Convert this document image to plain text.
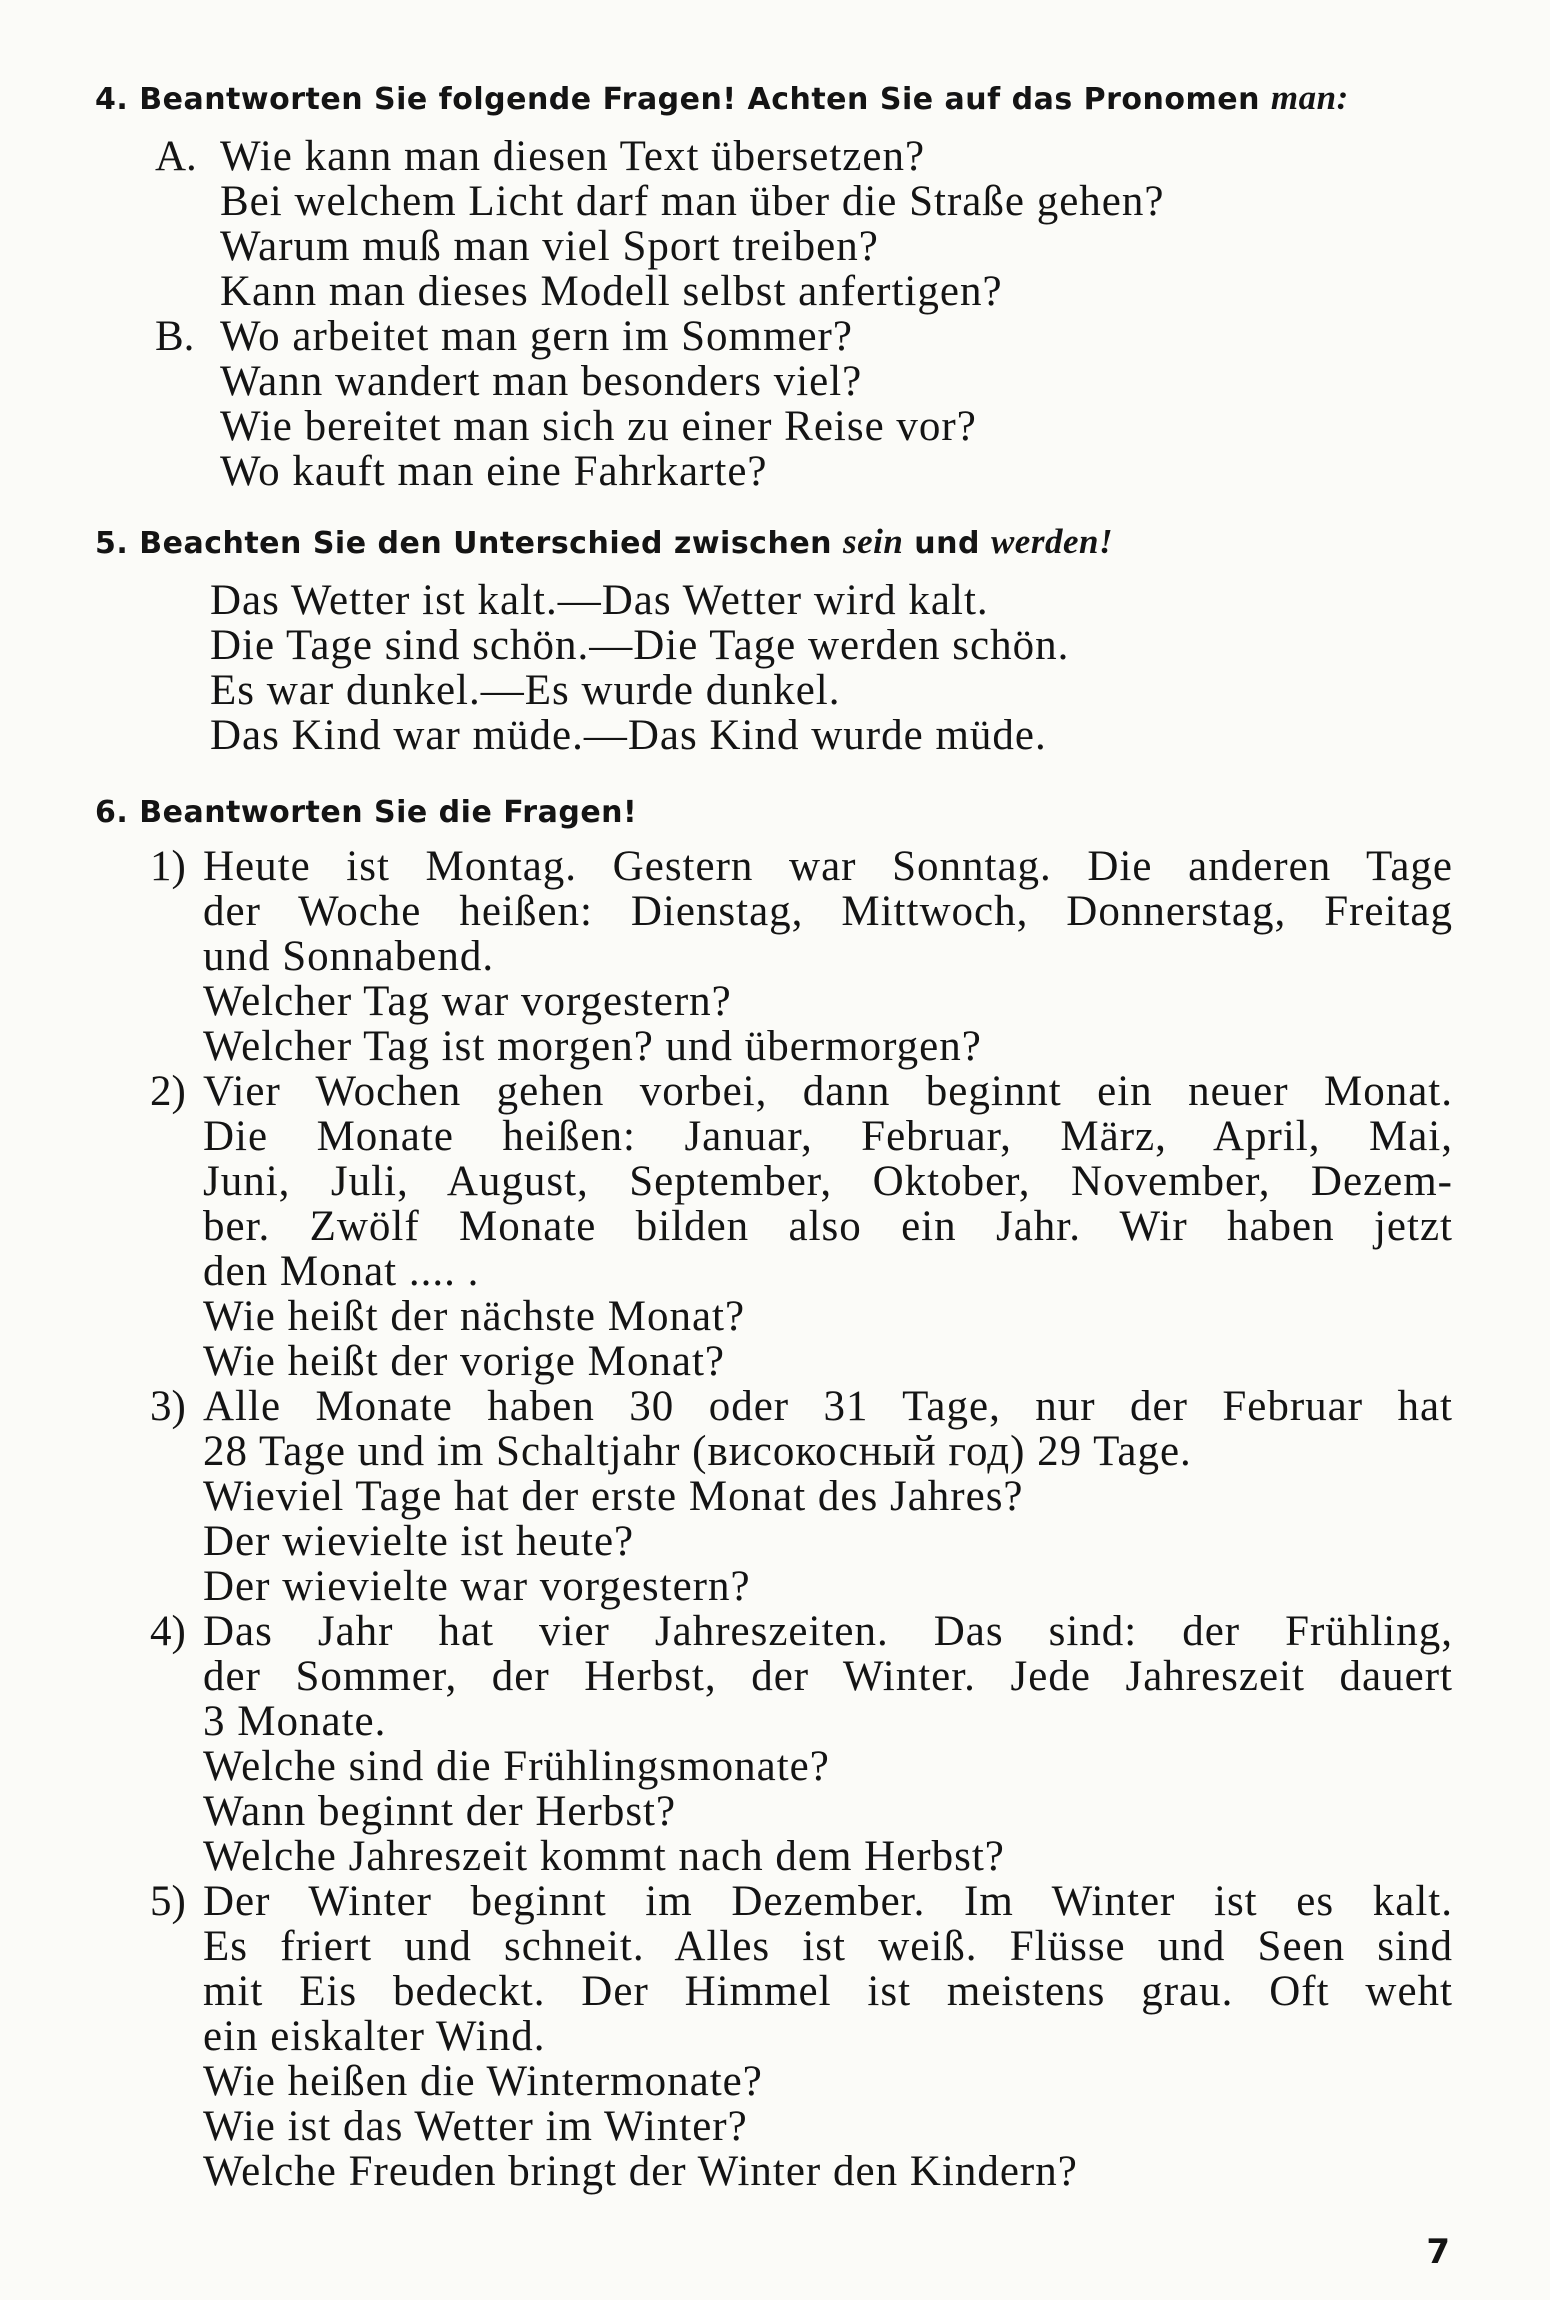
4. Beantworten Sie folgende Fragen! Achten Sie auf das Pronomen man:
A. Wie kann man diesen Text übersetzen?
Bei welchem Licht darf man über die Straße gehen?
Warum muß man viel Sport treiben?
Kann man dieses Modell selbst anfertigen?
B. Wo arbeitet man gern im Sommer?
Wann wandert man besonders viel?
Wie bereitet man sich zu einer Reise vor?
Wo kauft man eine Fahrkarte?
5. Beachten Sie den Unterschied zwischen sein und werden!
Das Wetter ist kalt.—Das Wetter wird kalt.
Die Tage sind schön.—Die Tage werden schön.
Es war dunkel.—Es wurde dunkel.
Das Kind war müde.—Das Kind wurde müde.
6. Beantworten Sie die Fragen!
1) Heute ist Montag. Gestern war Sonntag. Die anderen Tage
der Woche heißen: Dienstag, Mittwoch, Donnerstag, Freitag
und Sonnabend.
Welcher Tag war vorgestern?
Welcher Tag ist morgen? und übermorgen?
2) Vier Wochen gehen vorbei, dann beginnt ein neuer Monat.
Die Monate heißen: Januar, Februar, März, April, Mai,
Juni, Juli, August, September, Oktober, November, Dezem-
ber. Zwölf Monate bilden also ein Jahr. Wir haben jetzt
den Monat .... .
Wie heißt der nächste Monat?
Wie heißt der vorige Monat?
3) Alle Monate haben 30 oder 31 Tage, nur der Februar hat
28 Tage und im Schaltjahr (високосный год) 29 Tage.
Wieviel Tage hat der erste Monat des Jahres?
Der wievielte ist heute?
Der wievielte war vorgestern?
4) Das Jahr hat vier Jahreszeiten. Das sind: der Frühling,
der Sommer, der Herbst, der Winter. Jede Jahreszeit dauert
3 Monate.
Welche sind die Frühlingsmonate?
Wann beginnt der Herbst?
Welche Jahreszeit kommt nach dem Herbst?
5) Der Winter beginnt im Dezember. Im Winter ist es kalt.
Es friert und schneit. Alles ist weiß. Flüsse und Seen sind
mit Eis bedeckt. Der Himmel ist meistens grau. Oft weht
ein eiskalter Wind.
Wie heißen die Wintermonate?
Wie ist das Wetter im Winter?
Welche Freuden bringt der Winter den Kindern?
7
